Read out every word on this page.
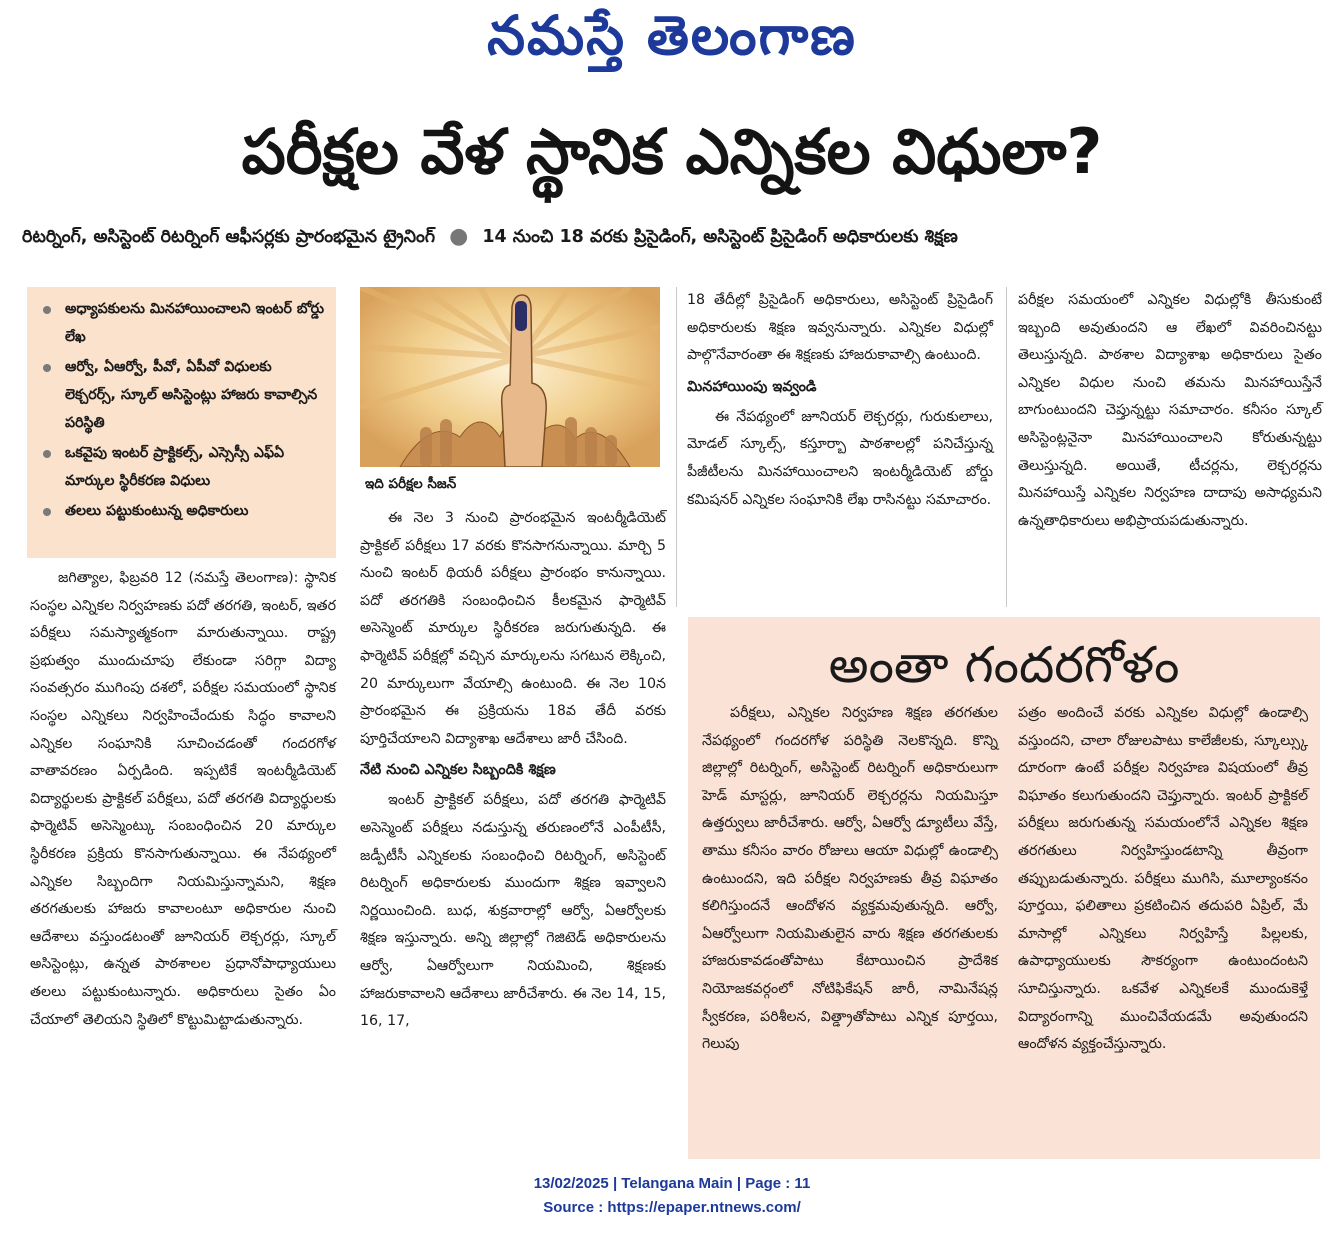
నమస్తే తెలంగాణ
పరీక్షల వేళ స్థానిక ఎన్నికల విధులా?
రిటర్నింగ్, అసిస్టెంట్ రిటర్నింగ్ ఆఫీసర్లకు ప్రారంభమైన ట్రైనింగ్ ● 14 నుంచి 18 వరకు ప్రిసైడింగ్, అసిస్టెంట్ ప్రిసైడింగ్ అధికారులకు శిక్షణ
అధ్యాపకులను మినహాయించాలని ఇంటర్ బోర్డు లేఖ
ఆర్వో, ఏఆర్వో, పీవో, ఏపీవో విధులకు లెక్చరర్స్, స్కూల్ అసిస్టెంట్లు హాజరు కావాల్సిన పరిస్థితి
ఒకవైపు ఇంటర్ ప్రాక్టికల్స్, ఎస్సెస్సీ ఎఫ్ఏ మార్కుల స్థిరీకరణ విధులు
తలలు పట్టుకుంటున్న అధికారులు

జగిత్యాల, ఫిబ్రవరి 12 (నమస్తే తెలంగాణ): స్థానిక సంస్థల ఎన్నికల నిర్వహణకు పదో తరగతి, ఇంటర్, ఇతర పరీక్షలు సమస్యాత్మకంగా మారుతున్నాయి. రాష్ట్ర ప్రభుత్వం ముందుచూపు లేకుండా సరిగ్గా విద్యా సంవత్సరం ముగింపు దశలో, పరీక్షల సమయంలో స్థానిక సంస్థల ఎన్నికలు నిర్వహించేందుకు సిద్ధం కావాలని ఎన్నికల సంఘానికి సూచించడంతో గందరగోళ వాతావరణం ఏర్పడింది. ఇప్పటికే ఇంటర్మీడియెట్ విద్యార్థులకు ప్రాక్టికల్ పరీక్షలు, పదో తరగతి విద్యార్థులకు ఫార్మెటివ్ అసెస్మెంట్కు సంబంధించిన 20 మార్కుల స్థిరీకరణ ప్రక్రియ కొనసాగుతున్నాయి. ఈ నేపథ్యంలో ఎన్నికల సిబ్బందిగా నియమిస్తున్నామని, శిక్షణ తరగతులకు హాజరు కావాలంటూ అధికారుల నుంచి ఆదేశాలు వస్తుండటంతో జూనియర్ లెక్చరర్లు, స్కూల్ అసిస్టెంట్లు, ఉన్నత పాఠశాలల ప్రధానోపాధ్యాయులు తలలు పట్టుకుంటున్నారు. అధికారులు సైతం ఏం చేయాలో తెలియని స్థితిలో కొట్టుమిట్టాడుతున్నారు.

ఇది పరీక్షల సీజన్

ఈ నెల 3 నుంచి ప్రారంభమైన ఇంటర్మీడియెట్ ప్రాక్టికల్ పరీక్షలు 17 వరకు కొనసాగనున్నాయి. మార్చి 5 నుంచి ఇంటర్ థియరీ పరీక్షలు ప్రారంభం కానున్నాయి. పదో తరగతికి సంబంధించిన కీలకమైన ఫార్మెటివ్ అసెస్మెంట్ మార్కుల స్థిరీకరణ జరుగుతున్నది. ఈ ఫార్మెటివ్ పరీక్షల్లో వచ్చిన మార్కులను సగటున లెక్కించి, 20 మార్కులుగా వేయాల్సి ఉంటుంది. ఈ నెల 10న ప్రారంభమైన ఈ ప్రక్రియను 18వ తేదీ వరకు పూర్తిచేయాలని విద్యాశాఖ ఆదేశాలు జారీ చేసింది.

నేటి నుంచి ఎన్నికల సిబ్బందికి శిక్షణ

ఇంటర్ ప్రాక్టికల్ పరీక్షలు, పదో తరగతి ఫార్మెటివ్ అసెస్మెంట్ పరీక్షలు నడుస్తున్న తరుణంలోనే ఎంపీటీసీ, జడ్పీటీసీ ఎన్నికలకు సంబంధించి రిటర్నింగ్, అసిస్టెంట్ రిటర్నింగ్ అధికారులకు ముందుగా శిక్షణ ఇవ్వాలని నిర్ణయించింది. బుధ, శుక్రవారాల్లో ఆర్వో, ఏఆర్వోలకు శిక్షణ ఇస్తున్నారు. అన్ని జిల్లాల్లో గెజిటెడ్ అధికారులను ఆర్వో, ఏఆర్వోలుగా నియమించి, శిక్షణకు హాజరుకావాలని ఆదేశాలు జారీచేశారు. ఈ నెల 14, 15, 16, 17,

18 తేదీల్లో ప్రిసైడింగ్ అధికారులు, అసిస్టెంట్ ప్రిసైడింగ్ అధికారులకు శిక్షణ ఇవ్వనున్నారు. ఎన్నికల విధుల్లో పాల్గొనేవారంతా ఈ శిక్షణకు హాజరుకావాల్సి ఉంటుంది.

మినహాయింపు ఇవ్వండి

ఈ నేపథ్యంలో జూనియర్ లెక్చరర్లు, గురుకులాలు, మోడల్ స్కూల్స్, కస్తూర్బా పాఠశాలల్లో పనిచేస్తున్న పీజీటీలను మినహాయించాలని ఇంటర్మీడియెట్ బోర్డు కమిషనర్ ఎన్నికల సంఘానికి లేఖ రాసినట్టు సమాచారం.

పరీక్షల సమయంలో ఎన్నికల విధుల్లోకి తీసుకుంటే ఇబ్బంది అవుతుందని ఆ లేఖలో వివరించినట్టు తెలుస్తున్నది. పాఠశాల విద్యాశాఖ అధికారులు సైతం ఎన్నికల విధుల నుంచి తమను మినహాయిస్తేనే బాగుంటుందని చెప్తున్నట్టు సమాచారం. కనీసం స్కూల్ అసిస్టెంట్లనైనా మినహాయించాలని కోరుతున్నట్టు తెలుస్తున్నది. అయితే, టీచర్లను, లెక్చరర్లను మినహాయిస్తే ఎన్నికల నిర్వహణ దాదాపు అసాధ్యమని ఉన్నతాధికారులు అభిప్రాయపడుతున్నారు.

అంతా గందరగోళం

పరీక్షలు, ఎన్నికల నిర్వహణ శిక్షణ తరగతుల నేపథ్యంలో గందరగోళ పరిస్థితి నెలకొన్నది. కొన్ని జిల్లాల్లో రిటర్నింగ్, అసిస్టెంట్ రిటర్నింగ్ అధికారులుగా హెడ్ మాస్టర్లు, జూనియర్ లెక్చరర్లను నియమిస్తూ ఉత్తర్వులు జారీచేశారు. ఆర్వో, ఏఆర్వో డ్యూటీలు వేస్తే, తాము కనీసం వారం రోజులు ఆయా విధుల్లో ఉండాల్సి ఉంటుందని, ఇది పరీక్షల నిర్వహణకు తీవ్ర విఘాతం కలిగిస్తుందనే ఆందోళన వ్యక్తమవుతున్నది. ఆర్వో, ఏఆర్వోలుగా నియమితులైన వారు శిక్షణ తరగతులకు హాజరుకావడంతోపాటు కేటాయించిన ప్రాదేశిక నియోజకవర్గంలో నోటిఫికేషన్ జారీ, నామినేషన్ల స్వీకరణ, పరిశీలన, విత్డ్రాతోపాటు ఎన్నిక పూర్తయి, గెలుపు

పత్రం అందించే వరకు ఎన్నికల విధుల్లో ఉండాల్సి వస్తుందని, చాలా రోజులపాటు కాలేజీలకు, స్కూల్స్కు దూరంగా ఉంటే పరీక్షల నిర్వహణ విషయంలో తీవ్ర విఘాతం కలుగుతుందని చెప్తున్నారు. ఇంటర్ ప్రాక్టికల్ పరీక్షలు జరుగుతున్న సమయంలోనే ఎన్నికల శిక్షణ తరగతులు నిర్వహిస్తుండటాన్ని తీవ్రంగా తప్పుబడుతున్నారు. పరీక్షలు ముగిసి, మూల్యాంకనం పూర్తయి, ఫలితాలు ప్రకటించిన తదుపరి ఏప్రిల్, మే మాసాల్లో ఎన్నికలు నిర్వహిస్తే పిల్లలకు, ఉపాధ్యాయులకు సౌకర్యంగా ఉంటుందంటని సూచిస్తున్నారు. ఒకవేళ ఎన్నికలకే ముందుకెళ్తే విద్యారంగాన్ని ముంచివేయడమే అవుతుందని ఆందోళన వ్యక్తంచేస్తున్నారు.

13/02/2025 | Telangana Main | Page : 11
Source : https://epaper.ntnews.com/
